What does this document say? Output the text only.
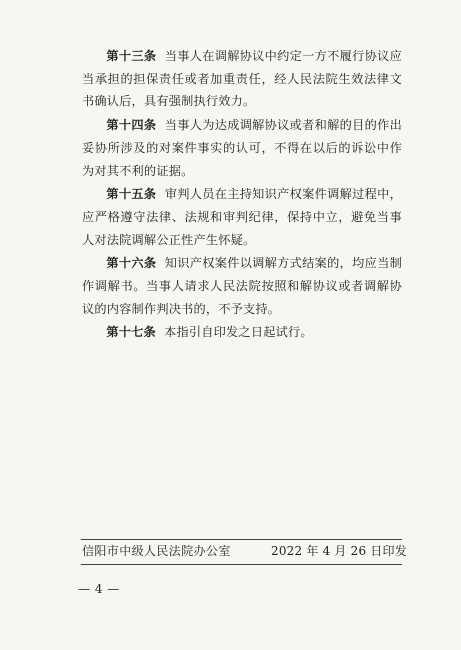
第十三条 当事人在调解协议中约定一方不履行协议应当承担的担保责任或者加重责任，经人民法院生效法律文书确认后，具有强制执行效力。

第十四条 当事人为达成调解协议或者和解的目的作出妥协所涉及的对案件事实的认可，不得在以后的诉讼中作为对其不利的证据。

第十五条 审判人员在主持知识产权案件调解过程中，应严格遵守法律、法规和审判纪律，保持中立，避免当事人对法院调解公正性产生怀疑。

第十六条 知识产权案件以调解方式结案的，均应当制作调解书。当事人请求人民法院按照和解协议或者调解协议的内容制作判决书的，不予支持。

第十七条 本指引自印发之日起试行。

信阳市中级人民法院办公室	2022 年 4 月 26 日印发
— 4 —
